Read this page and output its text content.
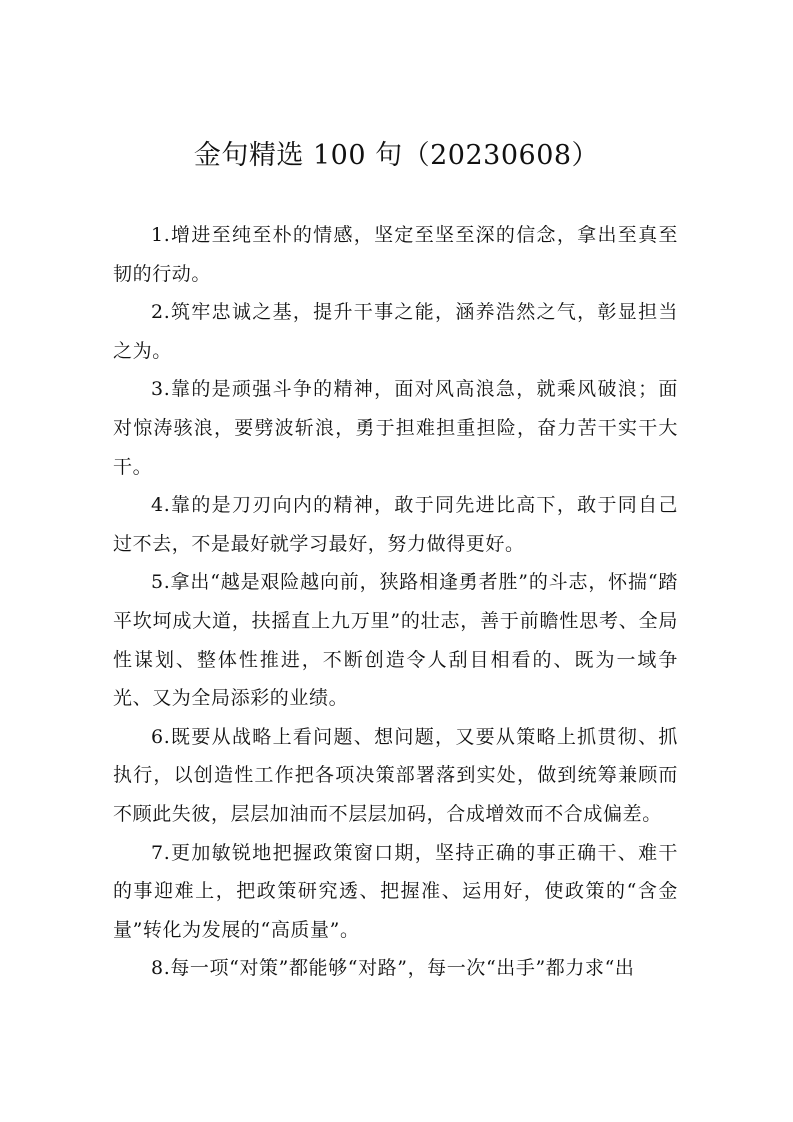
金句精选 100 句（20230608）

1.增进至纯至朴的情感，坚定至坚至深的信念，拿出至真至韧的行动。

2.筑牢忠诚之基，提升干事之能，涵养浩然之气，彰显担当之为。

3.靠的是顽强斗争的精神，面对风高浪急，就乘风破浪；面对惊涛骇浪，要劈波斩浪，勇于担难担重担险，奋力苦干实干大干。

4.靠的是刀刃向内的精神，敢于同先进比高下，敢于同自己过不去，不是最好就学习最好，努力做得更好。

5.拿出“越是艰险越向前，狭路相逢勇者胜”的斗志，怀揣“踏平坎坷成大道，扶摇直上九万里”的壮志，善于前瞻性思考、全局性谋划、整体性推进，不断创造令人刮目相看的、既为一域争光、又为全局添彩的业绩。

6.既要从战略上看问题、想问题，又要从策略上抓贯彻、抓执行，以创造性工作把各项决策部署落到实处，做到统筹兼顾而不顾此失彼，层层加油而不层层加码，合成增效而不合成偏差。

7.更加敏锐地把握政策窗口期，坚持正确的事正确干、难干的事迎难上，把政策研究透、把握准、运用好，使政策的“含金量”转化为发展的“高质量”。

8.每一项“对策”都能够“对路”，每一次“出手”都力求“出
